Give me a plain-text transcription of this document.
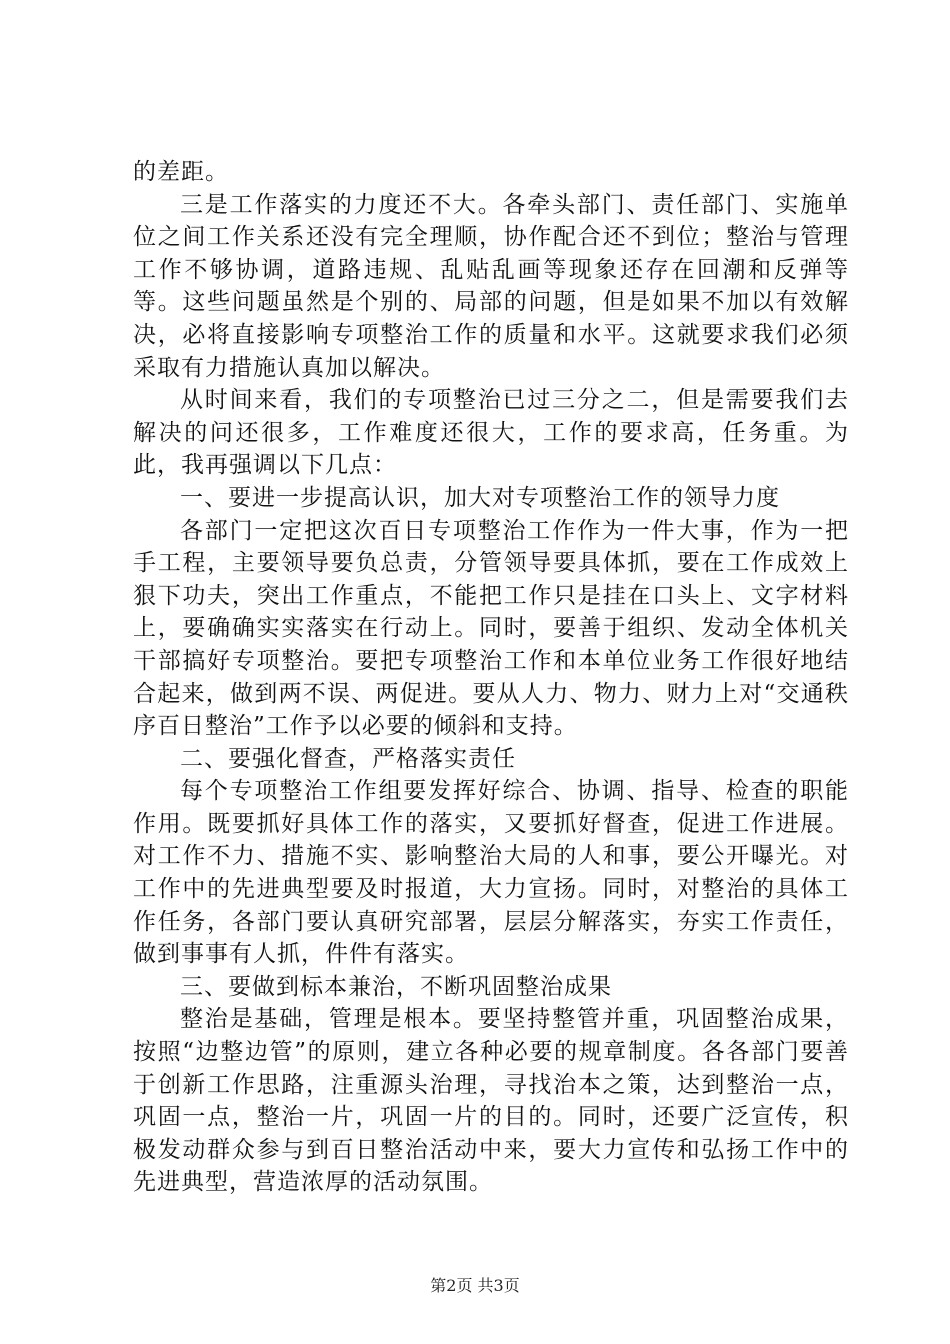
的差距。

三是工作落实的力度还不大。各牵头部门、责任部门、实施单位之间工作关系还没有完全理顺，协作配合还不到位；整治与管理工作不够协调，道路违规、乱贴乱画等现象还存在回潮和反弹等等。这些问题虽然是个别的、局部的问题，但是如果不加以有效解决，必将直接影响专项整治工作的质量和水平。这就要求我们必须采取有力措施认真加以解决。

从时间来看，我们的专项整治已过三分之二，但是需要我们去解决的问还很多，工作难度还很大，工作的要求高，任务重。为此，我再强调以下几点：

一、要进一步提高认识，加大对专项整治工作的领导力度

各部门一定把这次百日专项整治工作作为一件大事，作为一把手工程，主要领导要负总责，分管领导要具体抓，要在工作成效上狠下功夫，突出工作重点，不能把工作只是挂在口头上、文字材料上，要确确实实落实在行动上。同时，要善于组织、发动全体机关干部搞好专项整治。要把专项整治工作和本单位业务工作很好地结合起来，做到两不误、两促进。要从人力、物力、财力上对“交通秩序百日整治”工作予以必要的倾斜和支持。

二、要强化督查，严格落实责任

每个专项整治工作组要发挥好综合、协调、指导、检查的职能作用。既要抓好具体工作的落实，又要抓好督查，促进工作进展。对工作不力、措施不实、影响整治大局的人和事，要公开曝光。对工作中的先进典型要及时报道，大力宣扬。同时，对整治的具体工作任务，各部门要认真研究部署，层层分解落实，夯实工作责任，做到事事有人抓，件件有落实。

三、要做到标本兼治，不断巩固整治成果

整治是基础，管理是根本。要坚持整管并重，巩固整治成果，按照“边整边管”的原则，建立各种必要的规章制度。各各部门要善于创新工作思路，注重源头治理，寻找治本之策，达到整治一点，巩固一点，整治一片，巩固一片的目的。同时，还要广泛宣传，积极发动群众参与到百日整治活动中来，要大力宣传和弘扬工作中的先进典型，营造浓厚的活动氛围。

第2页 共3页
